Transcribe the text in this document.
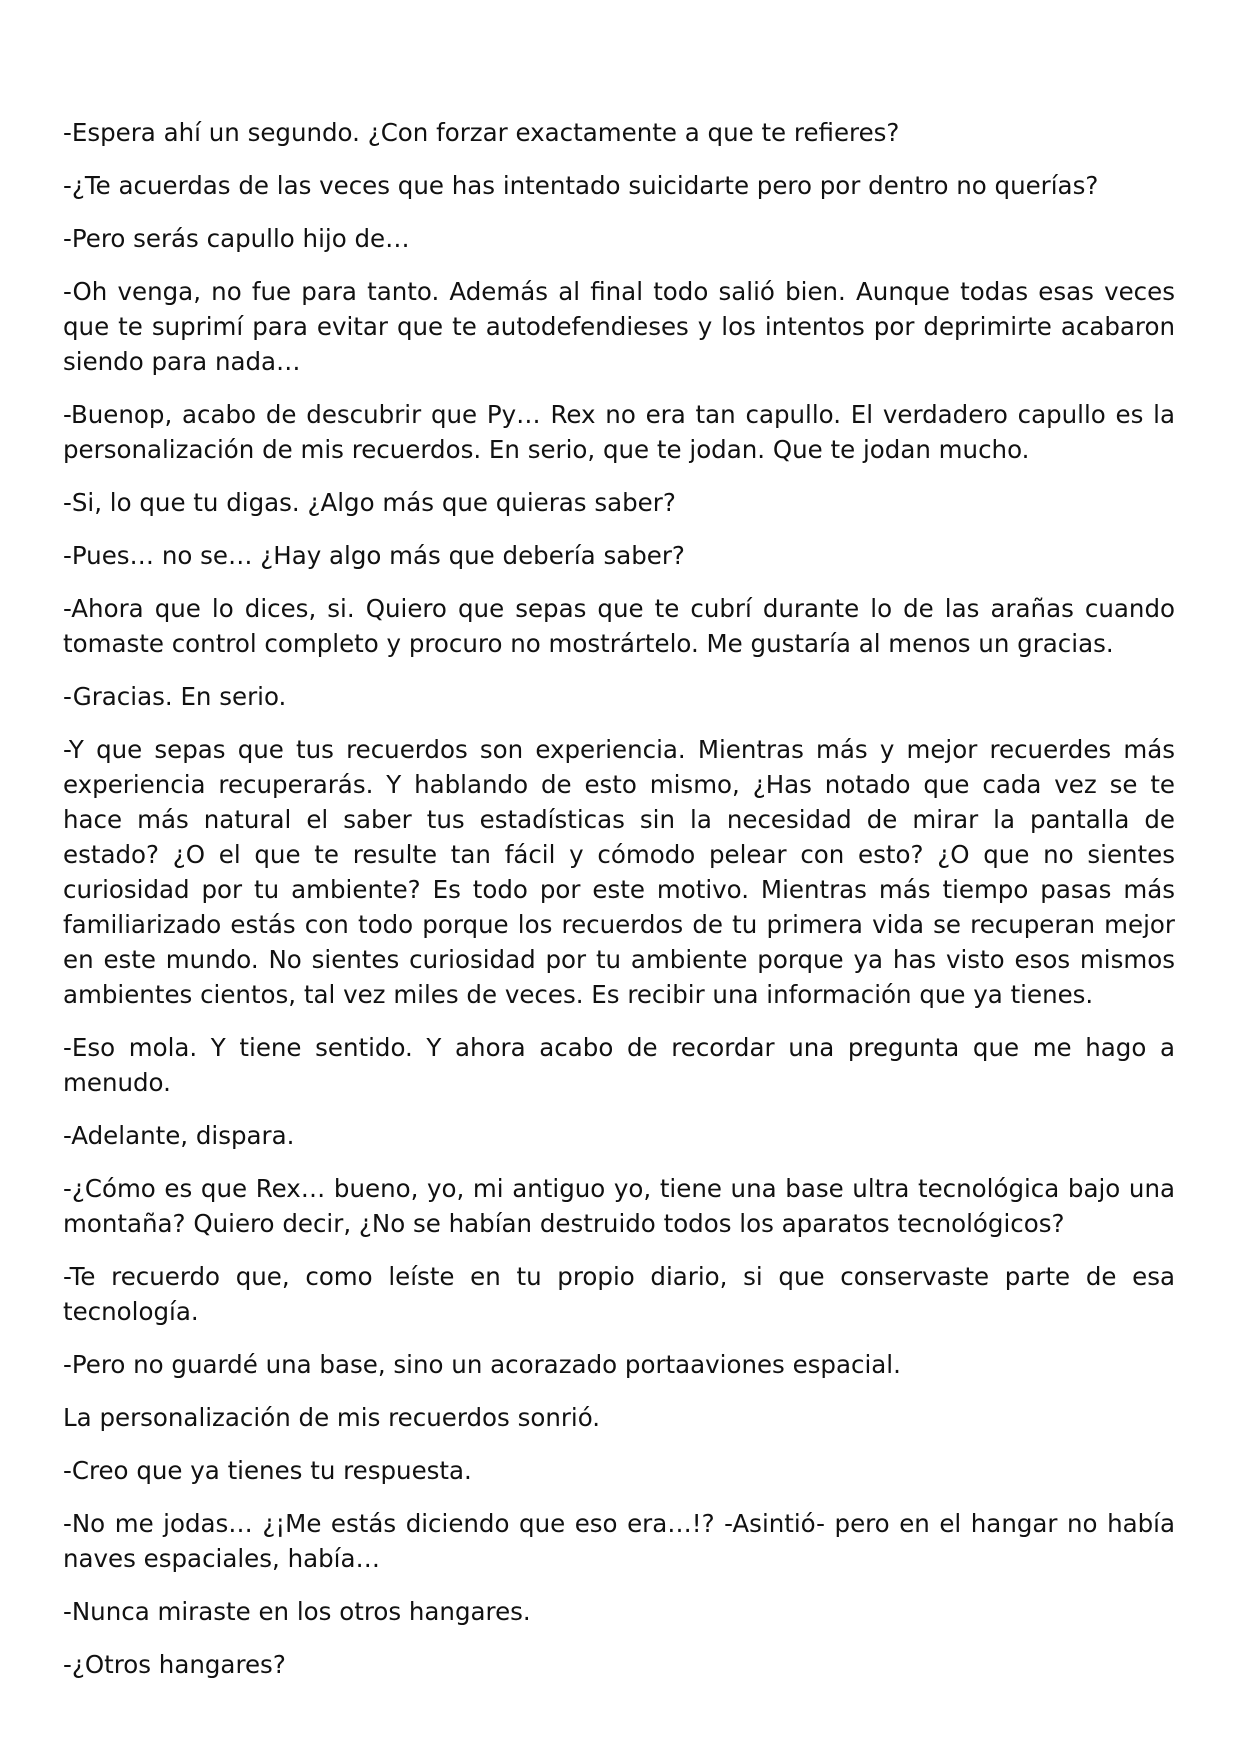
-Espera ahí un segundo. ¿Con forzar exactamente a que te refieres?

-¿Te acuerdas de las veces que has intentado suicidarte pero por dentro no querías?

-Pero serás capullo hijo de…

-Oh venga, no fue para tanto. Además al final todo salió bien. Aunque todas esas veces que te suprimí para evitar que te autodefendieses y los intentos por deprimirte acabaron siendo para nada…

-Buenop, acabo de descubrir que Py… Rex no era tan capullo. El verdadero capullo es la personalización de mis recuerdos. En serio, que te jodan. Que te jodan mucho.

-Si, lo que tu digas. ¿Algo más que quieras saber?

-Pues… no se… ¿Hay algo más que debería saber?

-Ahora que lo dices, si. Quiero que sepas que te cubrí durante lo de las arañas cuando tomaste control completo y procuro no mostrártelo. Me gustaría al menos un gracias.

-Gracias. En serio.

-Y que sepas que tus recuerdos son experiencia. Mientras más y mejor recuerdes más experiencia recuperarás. Y hablando de esto mismo, ¿Has notado que cada vez se te hace más natural el saber tus estadísticas sin la necesidad de mirar la pantalla de estado? ¿O el que te resulte tan fácil y cómodo pelear con esto? ¿O que no sientes curiosidad por tu ambiente? Es todo por este motivo. Mientras más tiempo pasas más familiarizado estás con todo porque los recuerdos de tu primera vida se recuperan mejor en este mundo. No sientes curiosidad por tu ambiente porque ya has visto esos mismos ambientes cientos, tal vez miles de veces. Es recibir una información que ya tienes.

-Eso mola. Y tiene sentido. Y ahora acabo de recordar una pregunta que me hago a menudo.

-Adelante, dispara.

-¿Cómo es que Rex… bueno, yo, mi antiguo yo, tiene una base ultra tecnológica bajo una montaña? Quiero decir, ¿No se habían destruido todos los aparatos tecnológicos?

-Te recuerdo que, como leíste en tu propio diario, si que conservaste parte de esa tecnología.

-Pero no guardé una base, sino un acorazado portaaviones espacial.

La personalización de mis recuerdos sonrió.

-Creo que ya tienes tu respuesta.

-No me jodas… ¿¡Me estás diciendo que eso era…!? -Asintió- pero en el hangar no había naves espaciales, había…

-Nunca miraste en los otros hangares.

-¿Otros hangares?
